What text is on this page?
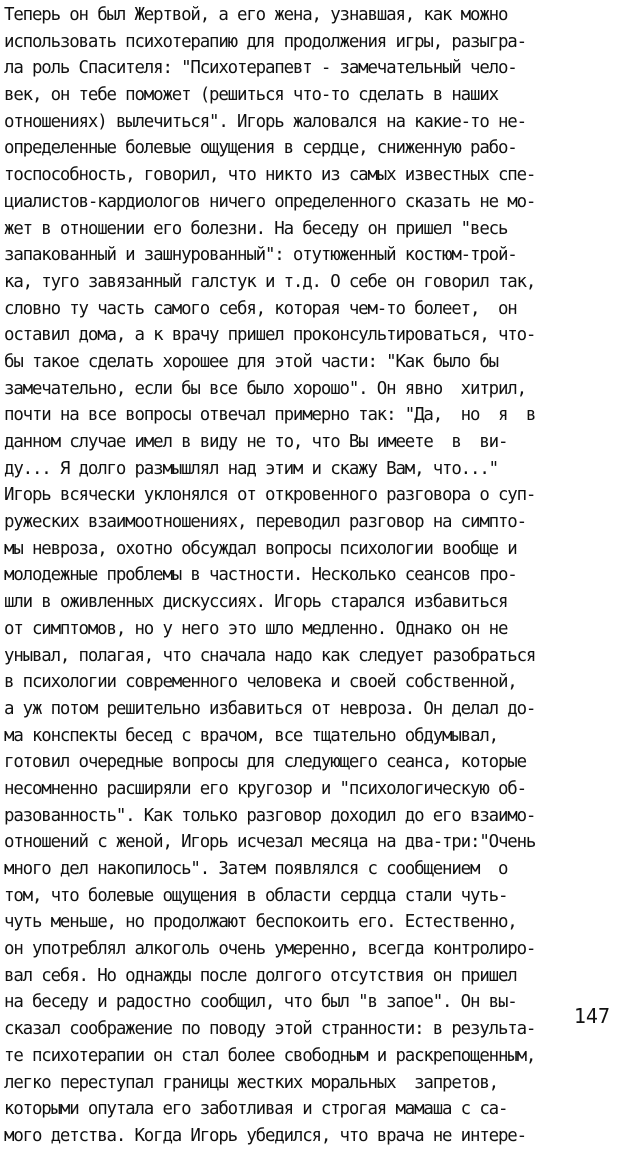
Теперь он был Жертвой, а его жена, узнавшая, как можно
использовать психотерапию для продолжения игры, разыгра-
ла роль Спасителя: "Психотерапевт - замечательный чело-
век, он тебе поможет (решиться что-то сделать в наших
отношениях) вылечиться". Игорь жаловался на какие-то не-
определенные болевые ощущения в сердце, сниженную рабо-
тоспособность, говорил, что никто из самых известных спе-
циалистов-кардиологов ничего определенного сказать не мо-
жет в отношении его болезни. На беседу он пришел "весь
запакованный и зашнурованный": отутюженный костюм-трой-
ка, туго завязанный галстук и т.д. О себе он говорил так,
словно ту часть самого себя, которая чем-то болеет,  он
оставил дома, а к врачу пришел проконсультироваться, что-
бы такое сделать хорошее для этой части: "Как было бы
замечательно, если бы все было хорошо". Он явно  хитрил,
почти на все вопросы отвечал примерно так: "Да,  но  я  в
данном случае имел в виду не то, что Вы имеете  в  ви-
ду... Я долго размышлял над этим и скажу Вам, что..."
Игорь всячески уклонялся от откровенного разговора о суп-
ружеских взаимоотношениях, переводил разговор на симпто-
мы невроза, охотно обсуждал вопросы психологии вообще и
молодежные проблемы в частности. Несколько сеансов про-
шли в оживленных дискуссиях. Игорь старался избавиться
от симптомов, но у него это шло медленно. Однако он не
унывал, полагая, что сначала надо как следует разобраться
в психологии современного человека и своей собственной,
а уж потом решительно избавиться от невроза. Он делал до-
ма конспекты бесед с врачом, все тщательно обдумывал,
готовил очередные вопросы для следующего сеанса, которые
несомненно расширяли его кругозор и "психологическую об-
разованность". Как только разговор доходил до его взаимо-
отношений с женой, Игорь исчезал месяца на два-три:"Очень
много дел накопилось". Затем появлялся с сообщением  о
том, что болевые ощущения в области сердца стали чуть-
чуть меньше, но продолжают беспокоить его. Естественно,
он употреблял алкоголь очень умеренно, всегда контролиро-
вал себя. Но однажды после долгого отсутствия он пришел
на беседу и радостно сообщил, что был "в запое". Он вы-
сказал соображение по поводу этой странности: в результа-
те психотерапии он стал более свободным и раскрепощенным,
легко переступал границы жестких моральных  запретов,
которыми опутала его заботливая и строгая мамаша с са-
мого детства. Когда Игорь убедился, что врача не интере-
147
